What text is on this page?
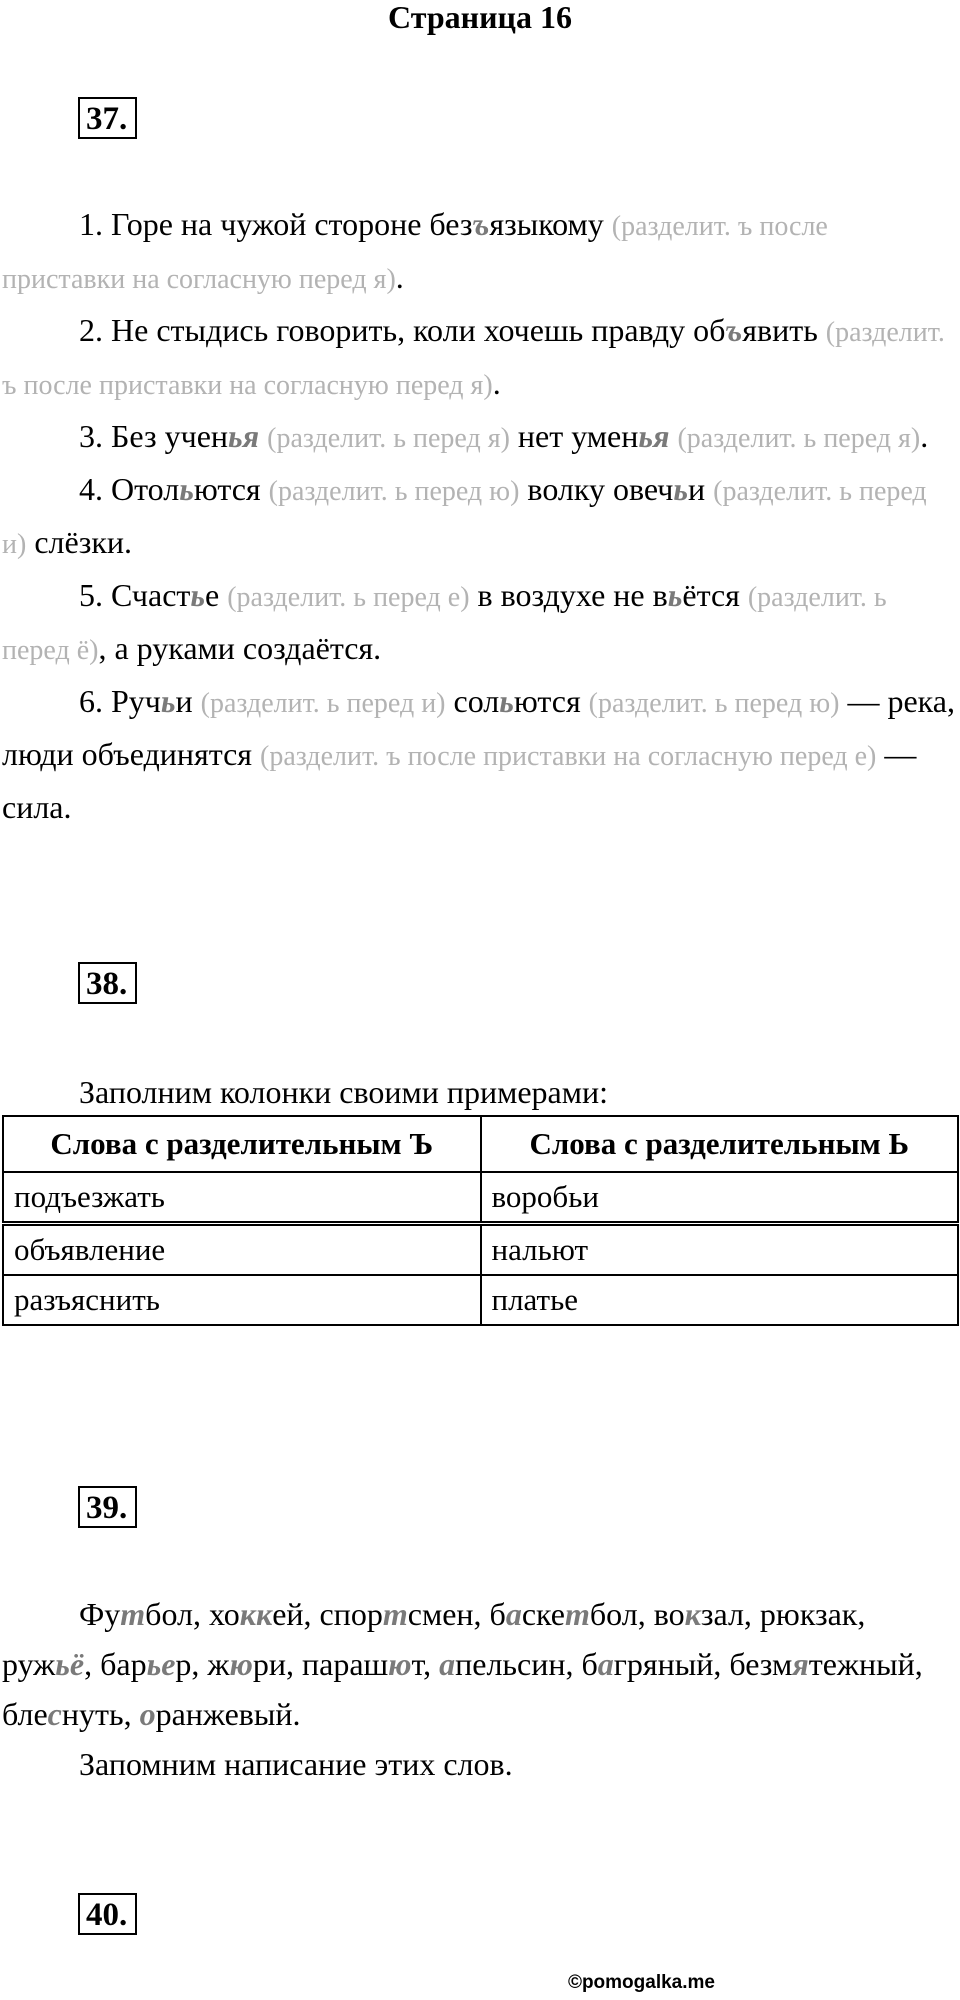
Страница 16
37.

1. Горе на чужой стороне безъязыкому (разделит. ъ после приставки на согласную перед я).

2. Не стыдись говорить, коли хочешь правду объявить (разделит. ъ после приставки на согласную перед я).

3. Без ученья (разделит. ь перед я) нет уменья (разделит. ь перед я).

4. Отольются (разделит. ь перед ю) волку овечьи (разделит. ь перед и) слёзки.

5. Счастье (разделит. ь перед е) в воздухе не вьётся (разделит. ь перед ё), а руками создаётся.

6. Ручьи (разделит. ь перед и) сольются (разделит. ь перед ю) — река, люди объединятся (разделит. ъ после приставки на согласную перед е) — сила.

38.
Заполним колонки своими примерами:
Слова с разделительным Ъ	Слова с разделительным Ь
подъезжать	воробьи
объявление	нальют
разъяснить	платье
39.

Футбол, хоккей, спортсмен, баскетбол, вокзал, рюкзак, ружьё, барьер, жюри, парашют, апельсин, багряный, безмятежный, блеснуть, оранжевый.

Запомним написание этих слов.

40.
©pomogalka.me
